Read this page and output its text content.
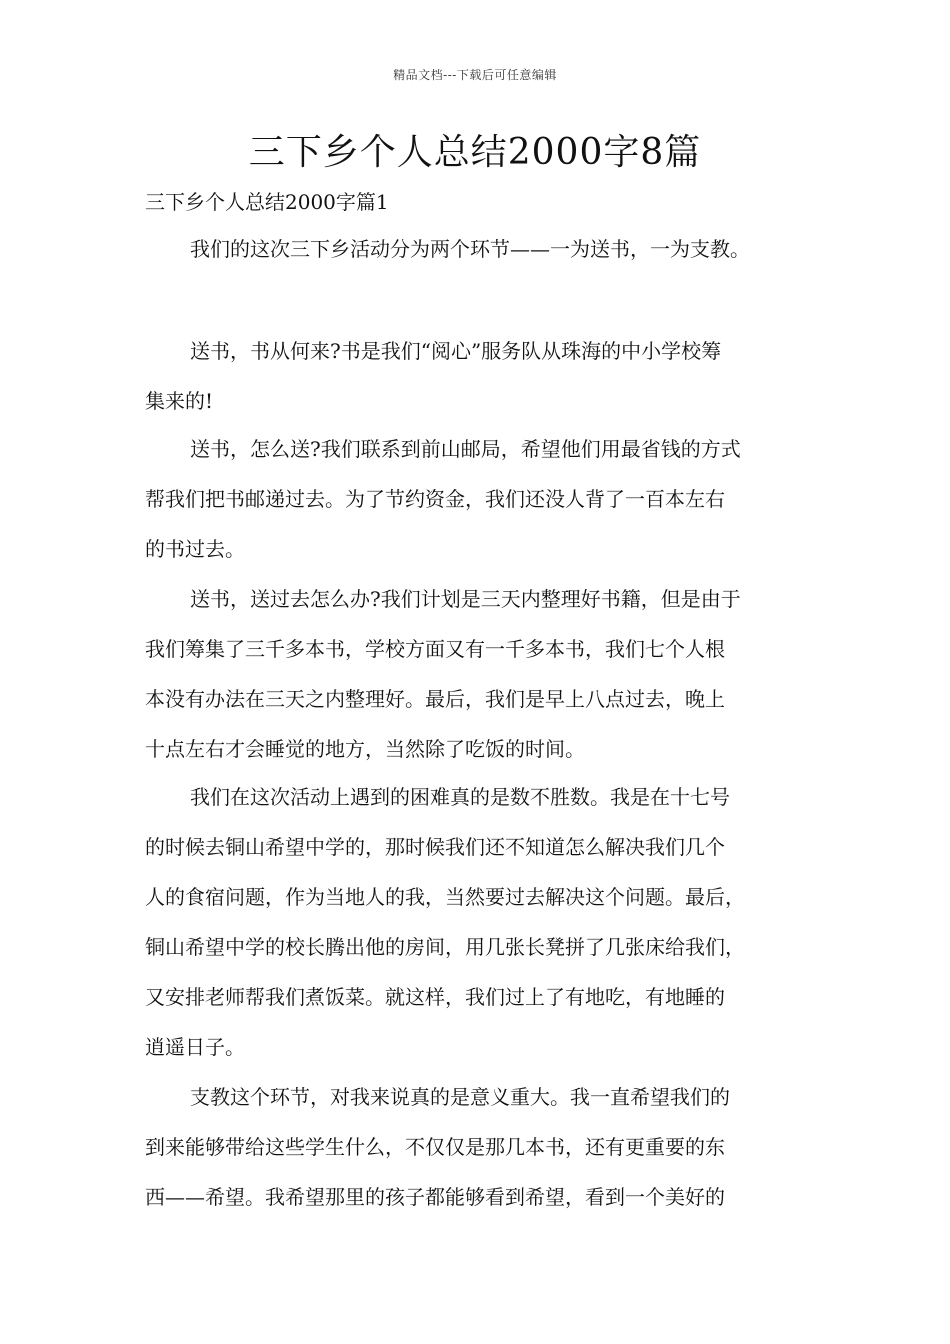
精品文档---下载后可任意编辑
三下乡个人总结2000字8篇
三下乡个人总结2000字篇1
我们的这次三下乡活动分为两个环节——一为送书，一为支教。
送书，书从何来?书是我们“阅心”服务队从珠海的中小学校筹
集来的!
送书，怎么送?我们联系到前山邮局，希望他们用最省钱的方式
帮我们把书邮递过去。为了节约资金，我们还没人背了一百本左右
的书过去。
送书，送过去怎么办?我们计划是三天内整理好书籍，但是由于
我们筹集了三千多本书，学校方面又有一千多本书，我们七个人根
本没有办法在三天之内整理好。最后，我们是早上八点过去，晚上
十点左右才会睡觉的地方，当然除了吃饭的时间。
我们在这次活动上遇到的困难真的是数不胜数。我是在十七号
的时候去铜山希望中学的，那时候我们还不知道怎么解决我们几个
人的食宿问题，作为当地人的我，当然要过去解决这个问题。最后，
铜山希望中学的校长腾出他的房间，用几张长凳拼了几张床给我们，
又安排老师帮我们煮饭菜。就这样，我们过上了有地吃，有地睡的
逍遥日子。
支教这个环节，对我来说真的是意义重大。我一直希望我们的
到来能够带给这些学生什么，不仅仅是那几本书，还有更重要的东
西——希望。我希望那里的孩子都能够看到希望，看到一个美好的
